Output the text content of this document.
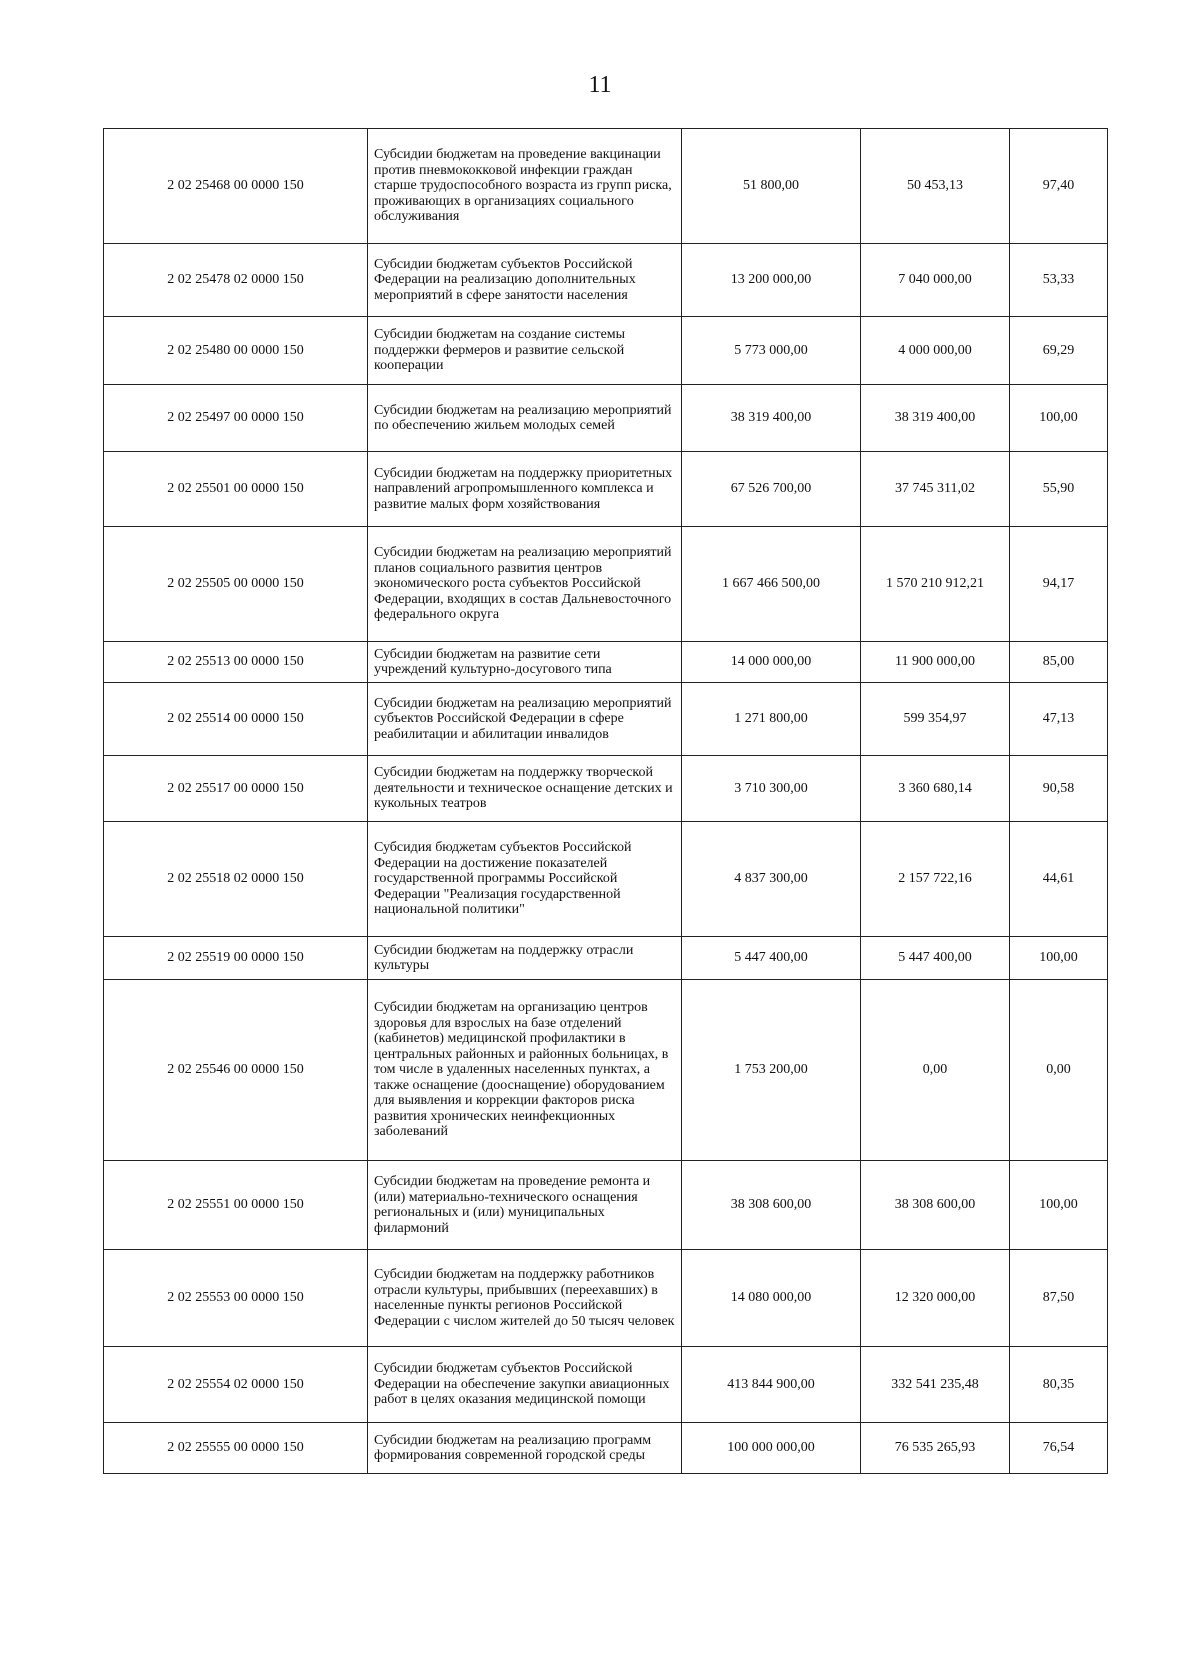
11
2 02 25468 00 0000 150	Субсидии бюджетам на проведение вакцинации против пневмококковой инфекции граждан старше трудоспособного возраста из групп риска, проживающих в организациях социального обслуживания	51 800,00	50 453,13	97,40
2 02 25478 02 0000 150	Субсидии бюджетам субъектов Российской Федерации на реализацию дополнительных мероприятий в сфере занятости населения	13 200 000,00	7 040 000,00	53,33
2 02 25480 00 0000 150	Субсидии бюджетам на создание системы поддержки фермеров и развитие сельской кооперации	5 773 000,00	4 000 000,00	69,29
2 02 25497 00 0000 150	Субсидии бюджетам на реализацию мероприятий по обеспечению жильем молодых семей	38 319 400,00	38 319 400,00	100,00
2 02 25501 00 0000 150	Субсидии бюджетам на поддержку приоритетных направлений агропромышленного комплекса и развитие малых форм хозяйствования	67 526 700,00	37 745 311,02	55,90
2 02 25505 00 0000 150	Субсидии бюджетам на реализацию мероприятий планов социального развития центров экономического роста субъектов Российской Федерации, входящих в состав Дальневосточного федерального округа	1 667 466 500,00	1 570 210 912,21	94,17
2 02 25513 00 0000 150	Субсидии бюджетам на развитие сети учреждений культурно-досугового типа	14 000 000,00	11 900 000,00	85,00
2 02 25514 00 0000 150	Субсидии бюджетам на реализацию мероприятий субъектов Российской Федерации в сфере реабилитации и абилитации инвалидов	1 271 800,00	599 354,97	47,13
2 02 25517 00 0000 150	Субсидии бюджетам на поддержку творческой деятельности и техническое оснащение детских и кукольных театров	3 710 300,00	3 360 680,14	90,58
2 02 25518 02 0000 150	Субсидия бюджетам субъектов Российской Федерации на достижение показателей государственной программы Российской Федерации "Реализация государственной национальной политики"	4 837 300,00	2 157 722,16	44,61
2 02 25519 00 0000 150	Субсидии бюджетам на поддержку отрасли культуры	5 447 400,00	5 447 400,00	100,00
2 02 25546 00 0000 150	Субсидии бюджетам на организацию центров здоровья для взрослых на базе отделений (кабинетов) медицинской профилактики в центральных районных и районных больницах, в том числе в удаленных населенных пунктах, а также оснащение (дооснащение) оборудованием для выявления и коррекции факторов риска развития хронических неинфекционных заболеваний	1 753 200,00	0,00	0,00
2 02 25551 00 0000 150	Субсидии бюджетам на проведение ремонта и (или) материально-технического оснащения региональных и (или) муниципальных филармоний	38 308 600,00	38 308 600,00	100,00
2 02 25553 00 0000 150	Субсидии бюджетам на поддержку работников отрасли культуры, прибывших (переехавших) в населенные пункты регионов Российской Федерации с числом жителей до 50 тысяч человек	14 080 000,00	12 320 000,00	87,50
2 02 25554 02 0000 150	Субсидии бюджетам субъектов Российской Федерации на обеспечение закупки авиационных работ в целях оказания медицинской помощи	413 844 900,00	332 541 235,48	80,35
2 02 25555 00 0000 150	Субсидии бюджетам на реализацию программ формирования современной городской среды	100 000 000,00	76 535 265,93	76,54
